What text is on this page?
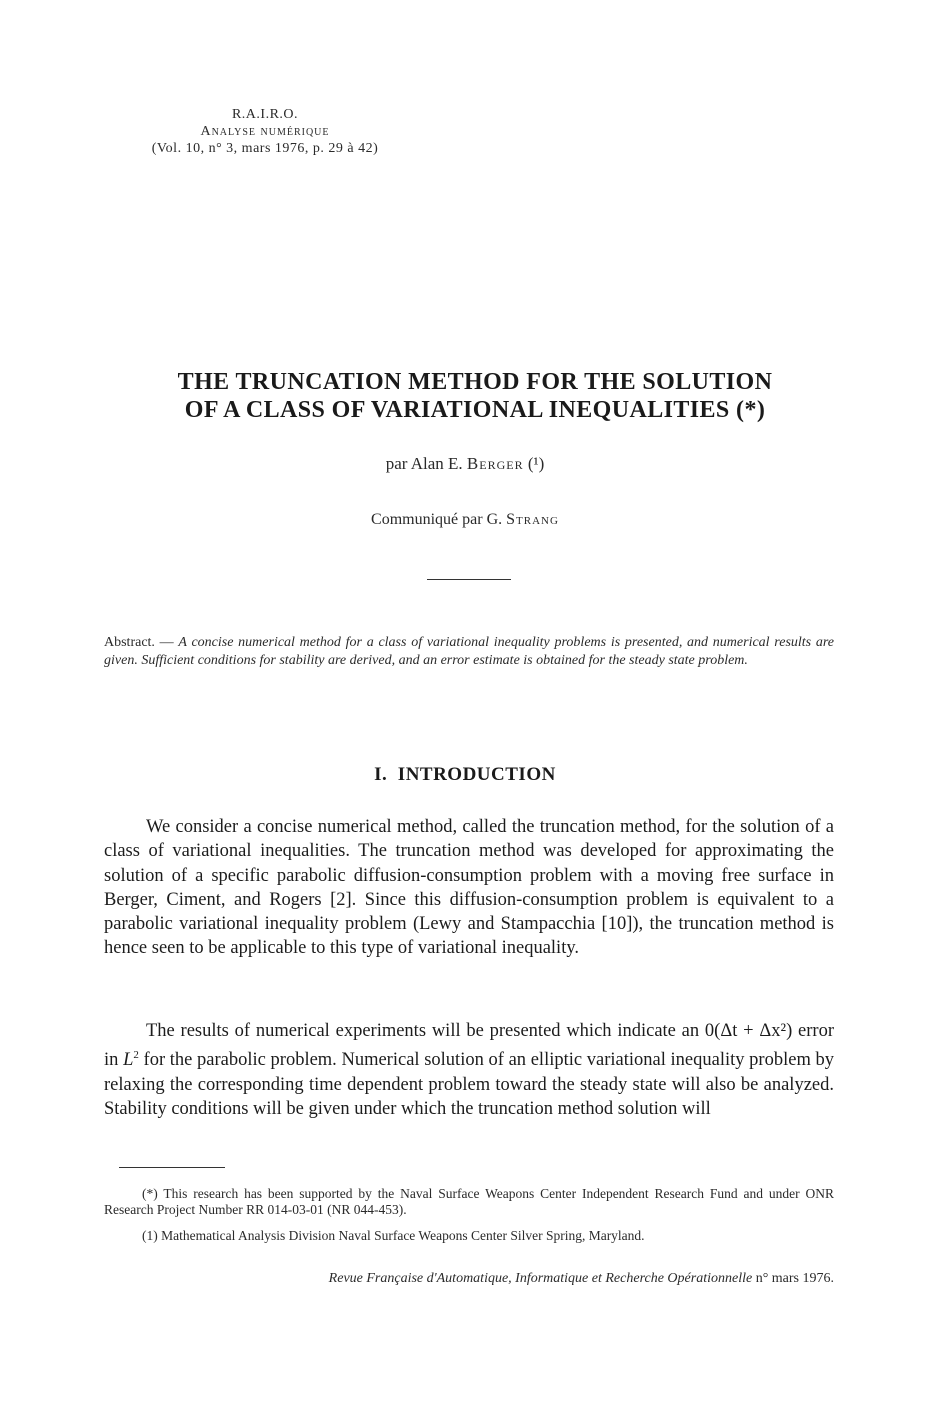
R.A.I.R.O.
Analyse numérique
(Vol. 10, n° 3, mars 1976, p. 29 à 42)
THE TRUNCATION METHOD FOR THE SOLUTION
OF A CLASS OF VARIATIONAL INEQUALITIES (*)
par Alan E. Berger (¹)
Communiqué par G. Strang
Abstract. — A concise numerical method for a class of variational inequality problems is presented, and numerical results are given. Sufficient conditions for stability are derived, and an error estimate is obtained for the steady state problem.
I.  INTRODUCTION
We consider a concise numerical method, called the truncation method, for the solution of a class of variational inequalities. The truncation method was developed for approximating the solution of a specific parabolic diffusion-consumption problem with a moving free surface in Berger, Ciment, and Rogers [2]. Since this diffusion-consumption problem is equivalent to a parabolic variational inequality problem (Lewy and Stampacchia [10]), the truncation method is hence seen to be applicable to this type of variational inequality.
The results of numerical experiments will be presented which indicate an 0(Δt + Δx²) error in $L^2$ for the parabolic problem. Numerical solution of an elliptic variational inequality problem by relaxing the corresponding time dependent problem toward the steady state will also be analyzed. Stability conditions will be given under which the truncation method solution will
(*) This research has been supported by the Naval Surface Weapons Center Independent Research Fund and under ONR Research Project Number RR 014-03-01 (NR 044-453).
(1) Mathematical Analysis Division Naval Surface Weapons Center Silver Spring, Maryland.
Revue Française d'Automatique, Informatique et Recherche Opérationnelle n° mars 1976.
